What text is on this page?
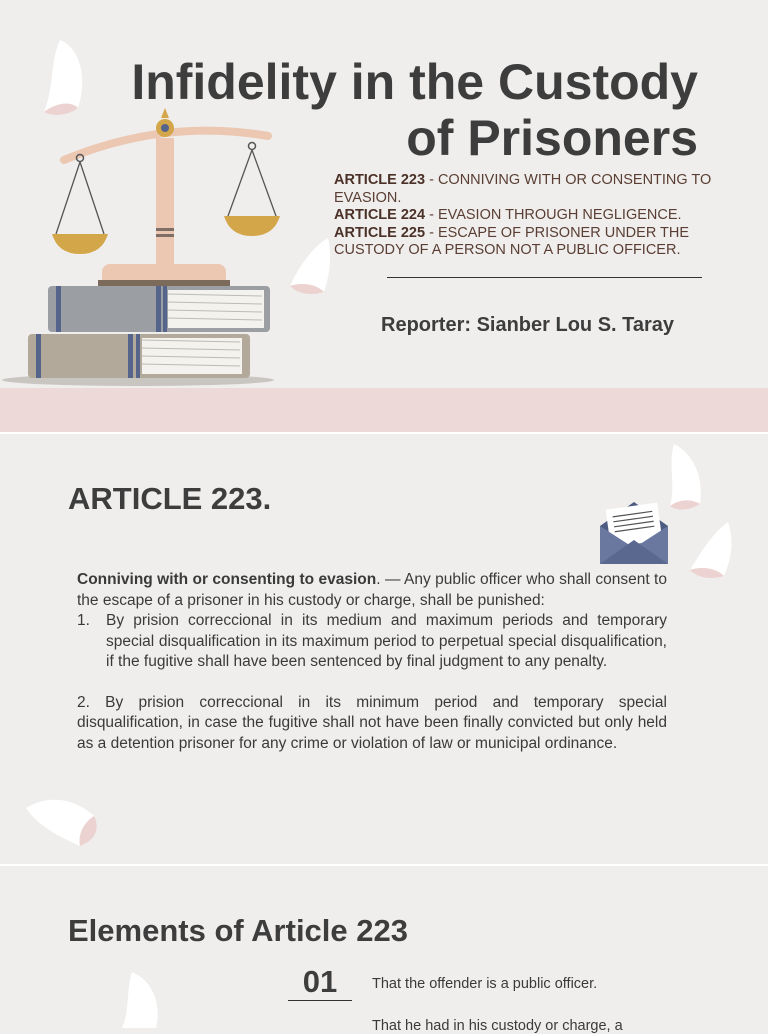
Infidelity in the Custody
of Prisoners
ARTICLE 223 - CONNIVING WITH OR CONSENTING TO EVASION.
ARTICLE 224 - EVASION THROUGH NEGLIGENCE.
ARTICLE 225 - ESCAPE OF PRISONER UNDER THE CUSTODY OF A PERSON NOT A PUBLIC OFFICER.
Reporter: Sianber Lou S. Taray
ARTICLE 223.

Conniving with or consenting to evasion. — Any public officer who shall consent to the escape of a prisoner in his custody or charge, shall be punished:

1.	By prision correccional in its medium and maximum periods and temporary special disqualification in its maximum period to perpetual special disqualification, if the fugitive shall have been sentenced by final judgment to any penalty.

2. By prision correccional in its minimum period and temporary special disqualification, in case the fugitive shall not have been finally convicted but only held as a detention prisoner for any crime or violation of law or municipal ordinance.

Elements of Article 223
01	That the offender is a public officer.
That he had in his custody or charge, a
